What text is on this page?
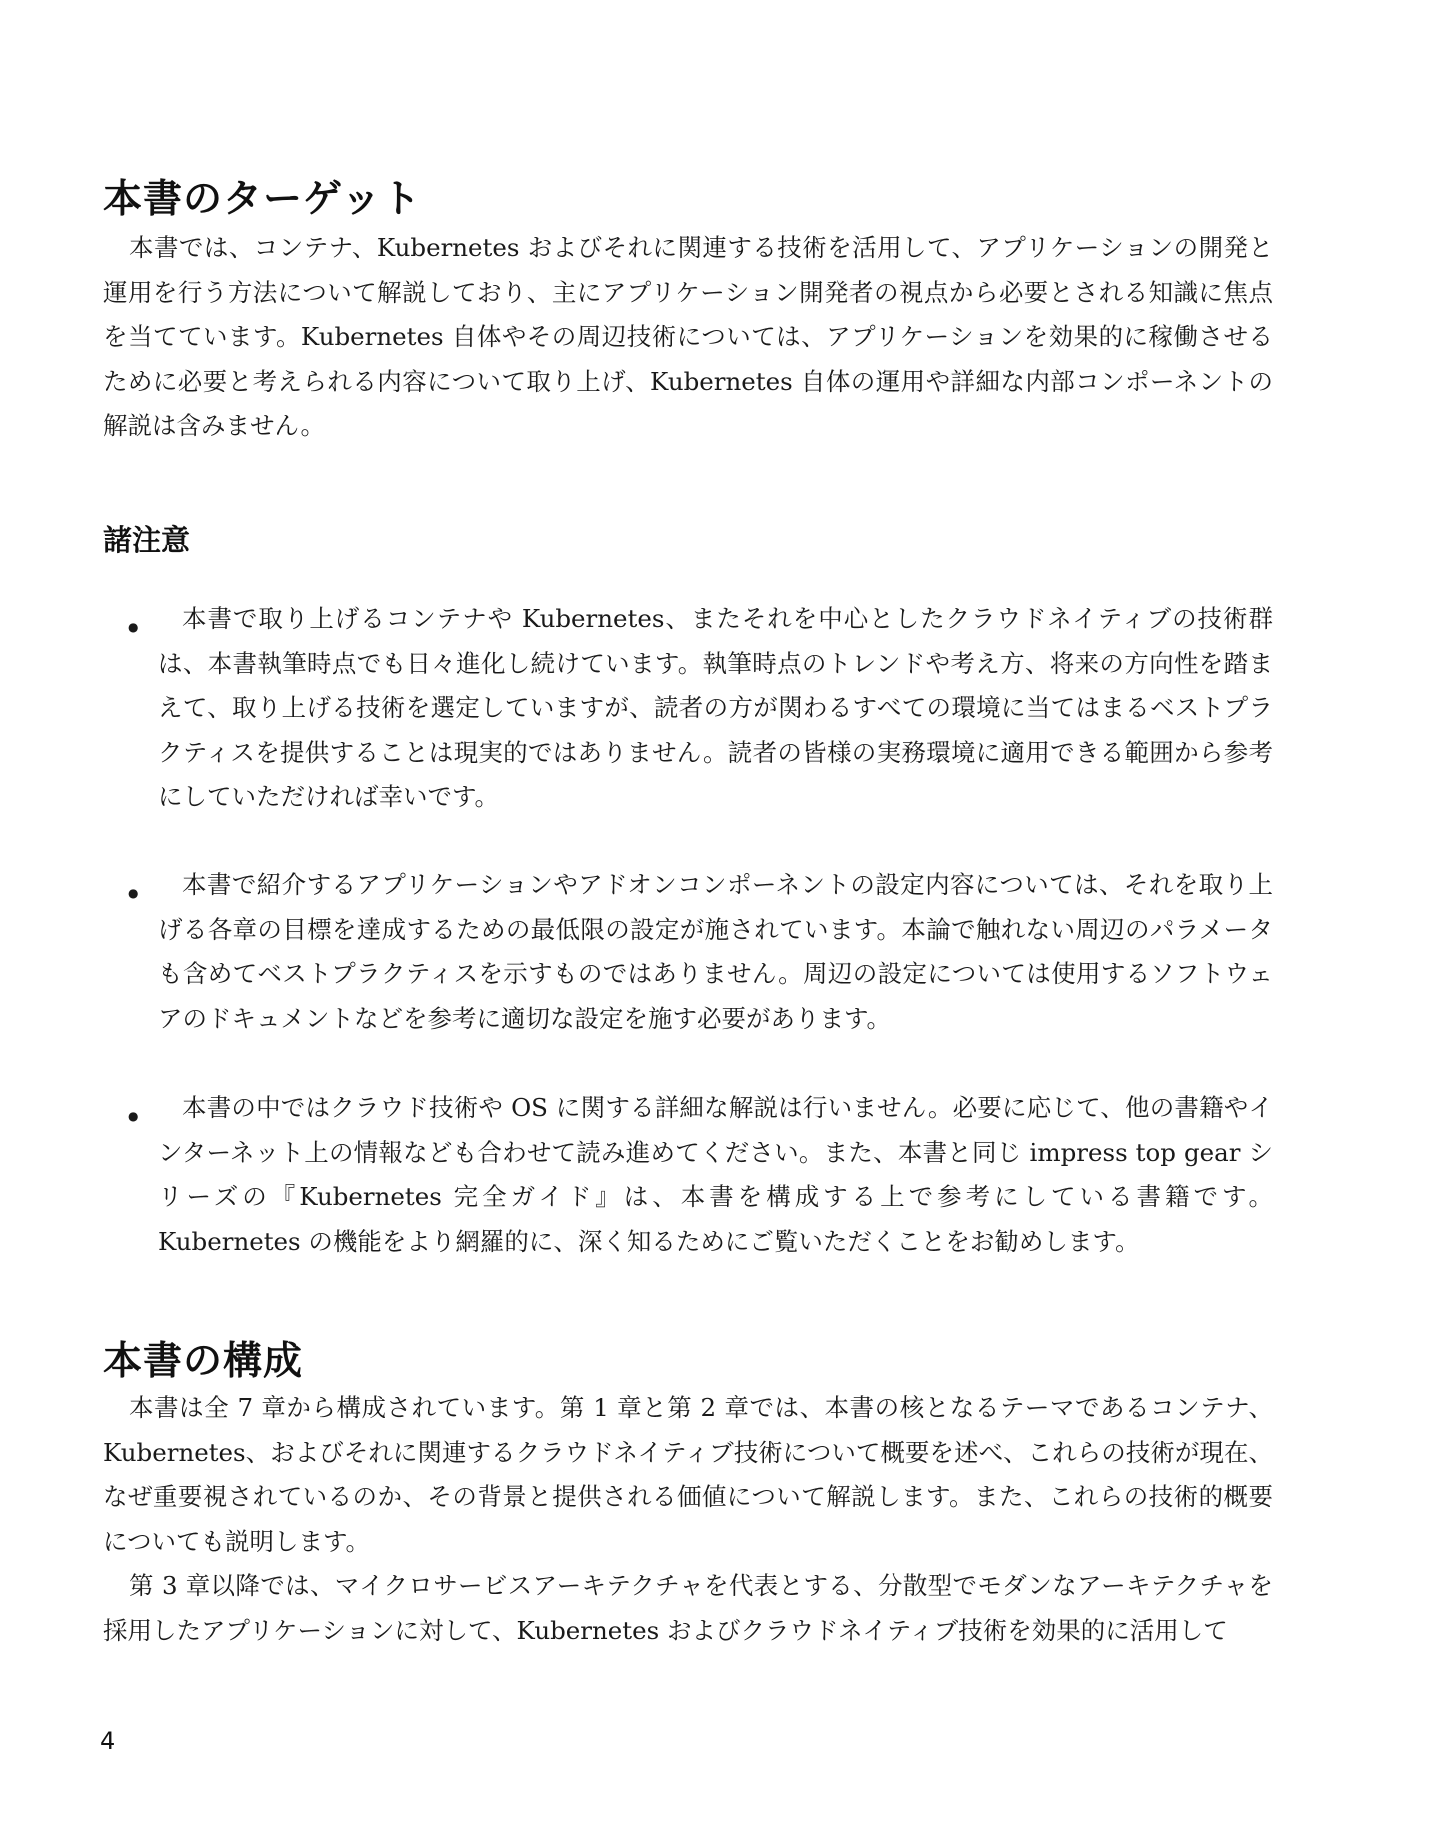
本書のターゲット

本書では、コンテナ、Kubernetes およびそれに関連する技術を活用して、アプリケーションの開発と運用を行う方法について解説しており、主にアプリケーション開発者の視点から必要とされる知識に焦点を当てています。Kubernetes 自体やその周辺技術については、アプリケーションを効果的に稼働させるために必要と考えられる内容について取り上げ、Kubernetes 自体の運用や詳細な内部コンポーネントの解説は含みません。

諸注意
●	本書で取り上げるコンテナや Kubernetes、またそれを中心としたクラウドネイティブの技術群は、本書執筆時点でも日々進化し続けています。執筆時点のトレンドや考え方、将来の方向性を踏まえて、取り上げる技術を選定していますが、読者の方が関わるすべての環境に当てはまるベストプラクティスを提供することは現実的ではありません。読者の皆様の実務環境に適用できる範囲から参考にしていただければ幸いです。

●	本書で紹介するアプリケーションやアドオンコンポーネントの設定内容については、それを取り上げる各章の目標を達成するための最低限の設定が施されています。本論で触れない周辺のパラメータも含めてベストプラクティスを示すものではありません。周辺の設定については使用するソフトウェアのドキュメントなどを参考に適切な設定を施す必要があります。

●	本書の中ではクラウド技術や OS に関する詳細な解説は行いません。必要に応じて、他の書籍やインターネット上の情報なども合わせて読み進めてください。また、本書と同じ impress top gear シリーズの『Kubernetes 完全ガイド』は、本書を構成する上で参考にしている書籍です。Kubernetes の機能をより網羅的に、深く知るためにご覧いただくことをお勧めします。

本書の構成

本書は全 7 章から構成されています。第 1 章と第 2 章では、本書の核となるテーマであるコンテナ、Kubernetes、およびそれに関連するクラウドネイティブ技術について概要を述べ、これらの技術が現在、なぜ重要視されているのか、その背景と提供される価値について解説します。また、これらの技術的概要についても説明します。

第 3 章以降では、マイクロサービスアーキテクチャを代表とする、分散型でモダンなアーキテクチャを採用したアプリケーションに対して、Kubernetes およびクラウドネイティブ技術を効果的に活用して

4
